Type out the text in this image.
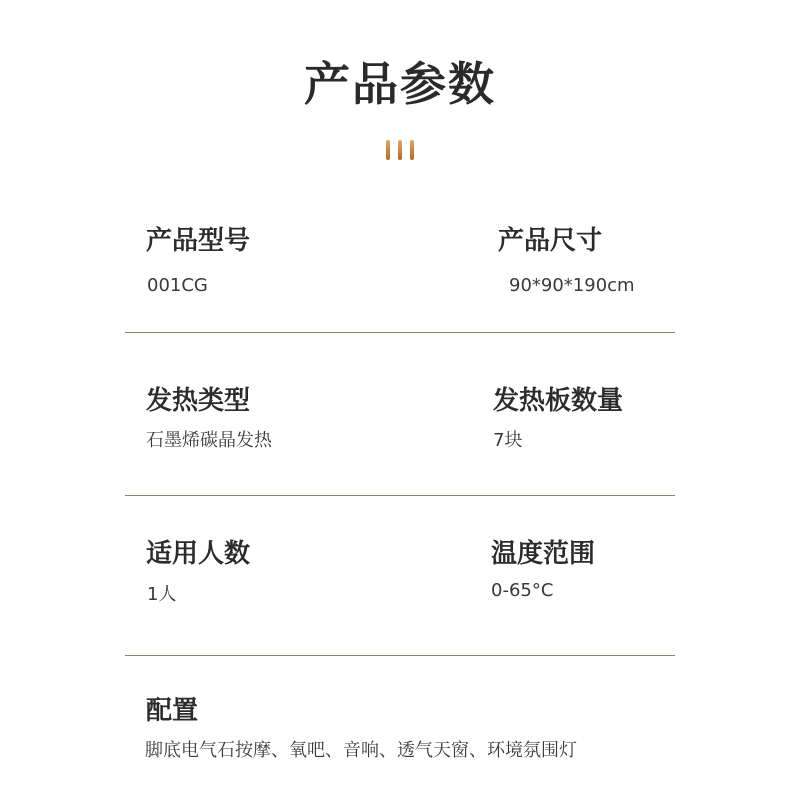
产品参数
产品型号
001CG
产品尺寸
90*90*190cm
发热类型
石墨烯碳晶发热
发热板数量
7块
适用人数
1人
温度范围
0-65°C
配置
脚底电气石按摩、氧吧、音响、透气天窗、环境氛围灯
